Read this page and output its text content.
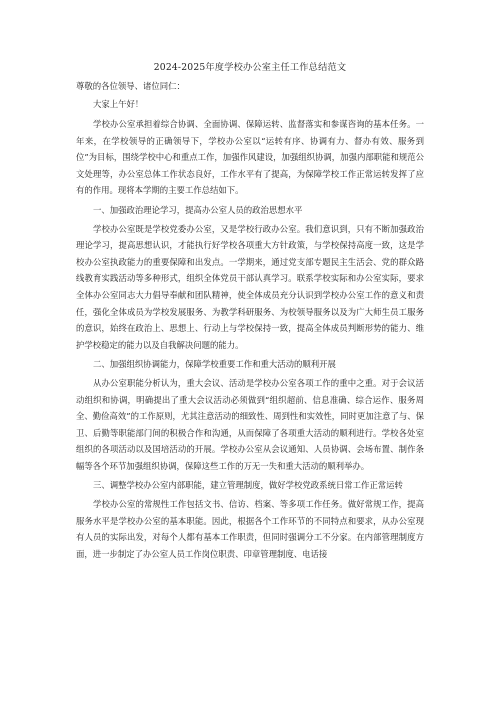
2024-2025年度学校办公室主任工作总结范文

尊敬的各位领导、诸位同仁：

大家上午好！

学校办公室承担着综合协调、全面协调、保障运转、监督落实和参谋咨询的基本任务。一年来，在学校领导的正确领导下，学校办公室以“运转有序、协调有力、督办有效、服务到位”为目标，围绕学校中心和重点工作，加强作风建设，加强组织协调，加强内部职能和规范公文处理等，办公室总体工作状态良好，工作水平有了提高，为保障学校工作正常运转发挥了应有的作用。现将本学期的主要工作总结如下。

一、加强政治理论学习，提高办公室人员的政治思想水平

学校办公室既是学校党委办公室，又是学校行政办公室。我们意识到，只有不断加强政治理论学习，提高思想认识，才能执行好学校各项重大方针政策，与学校保持高度一致，这是学校办公室执政能力的重要保障和出发点。一学期来，通过党支部专题民主生活会、党的群众路线教育实践活动等多种形式，组织全体党员干部认真学习。联系学校实际和办公室实际，要求全体办公室同志大力倡导奉献和团队精神，使全体成员充分认识到学校办公室工作的意义和责任，强化全体成员为学校发展服务、为教学科研服务、为校领导服务以及为广大师生员工服务的意识，始终在政治上、思想上、行动上与学校保持一致，提高全体成员判断形势的能力、维护学校稳定的能力以及自我解决问题的能力。

二、加强组织协调能力，保障学校重要工作和重大活动的顺利开展

从办公室职能分析认为，重大会议、活动是学校办公室各项工作的重中之重。对于会议活动组织和协调，明确提出了重大会议活动必须做到“组织超前、信息准确、综合运作、服务周全、勤俭高效”的工作原则，尤其注意活动的细致性、周到性和实效性，同时更加注意了与、保卫、后勤等职能部门间的积极合作和沟通，从而保障了各项重大活动的顺利进行。学校各处室组织的各项活动以及国培活动的开展。学校办公室从会议通知、人员协调、会场布置、制作条幅等各个环节加强组织协调，保障这些工作的万无一失和重大活动的顺利举办。

三、调整学校办公室内部职能，建立管理制度，做好学校党政系统日常工作正常运转

学校办公室的常规性工作包括文书、信访、档案、等多项工作任务。做好常规工作，提高服务水平是学校办公室的基本职能。因此，根据各个工作环节的不同特点和要求，从办公室现有人员的实际出发，对每个人都有基本工作职责，但同时强调分工不分家。在内部管理制度方面，进一步制定了办公室人员工作岗位职责、印章管理制度、电话接
